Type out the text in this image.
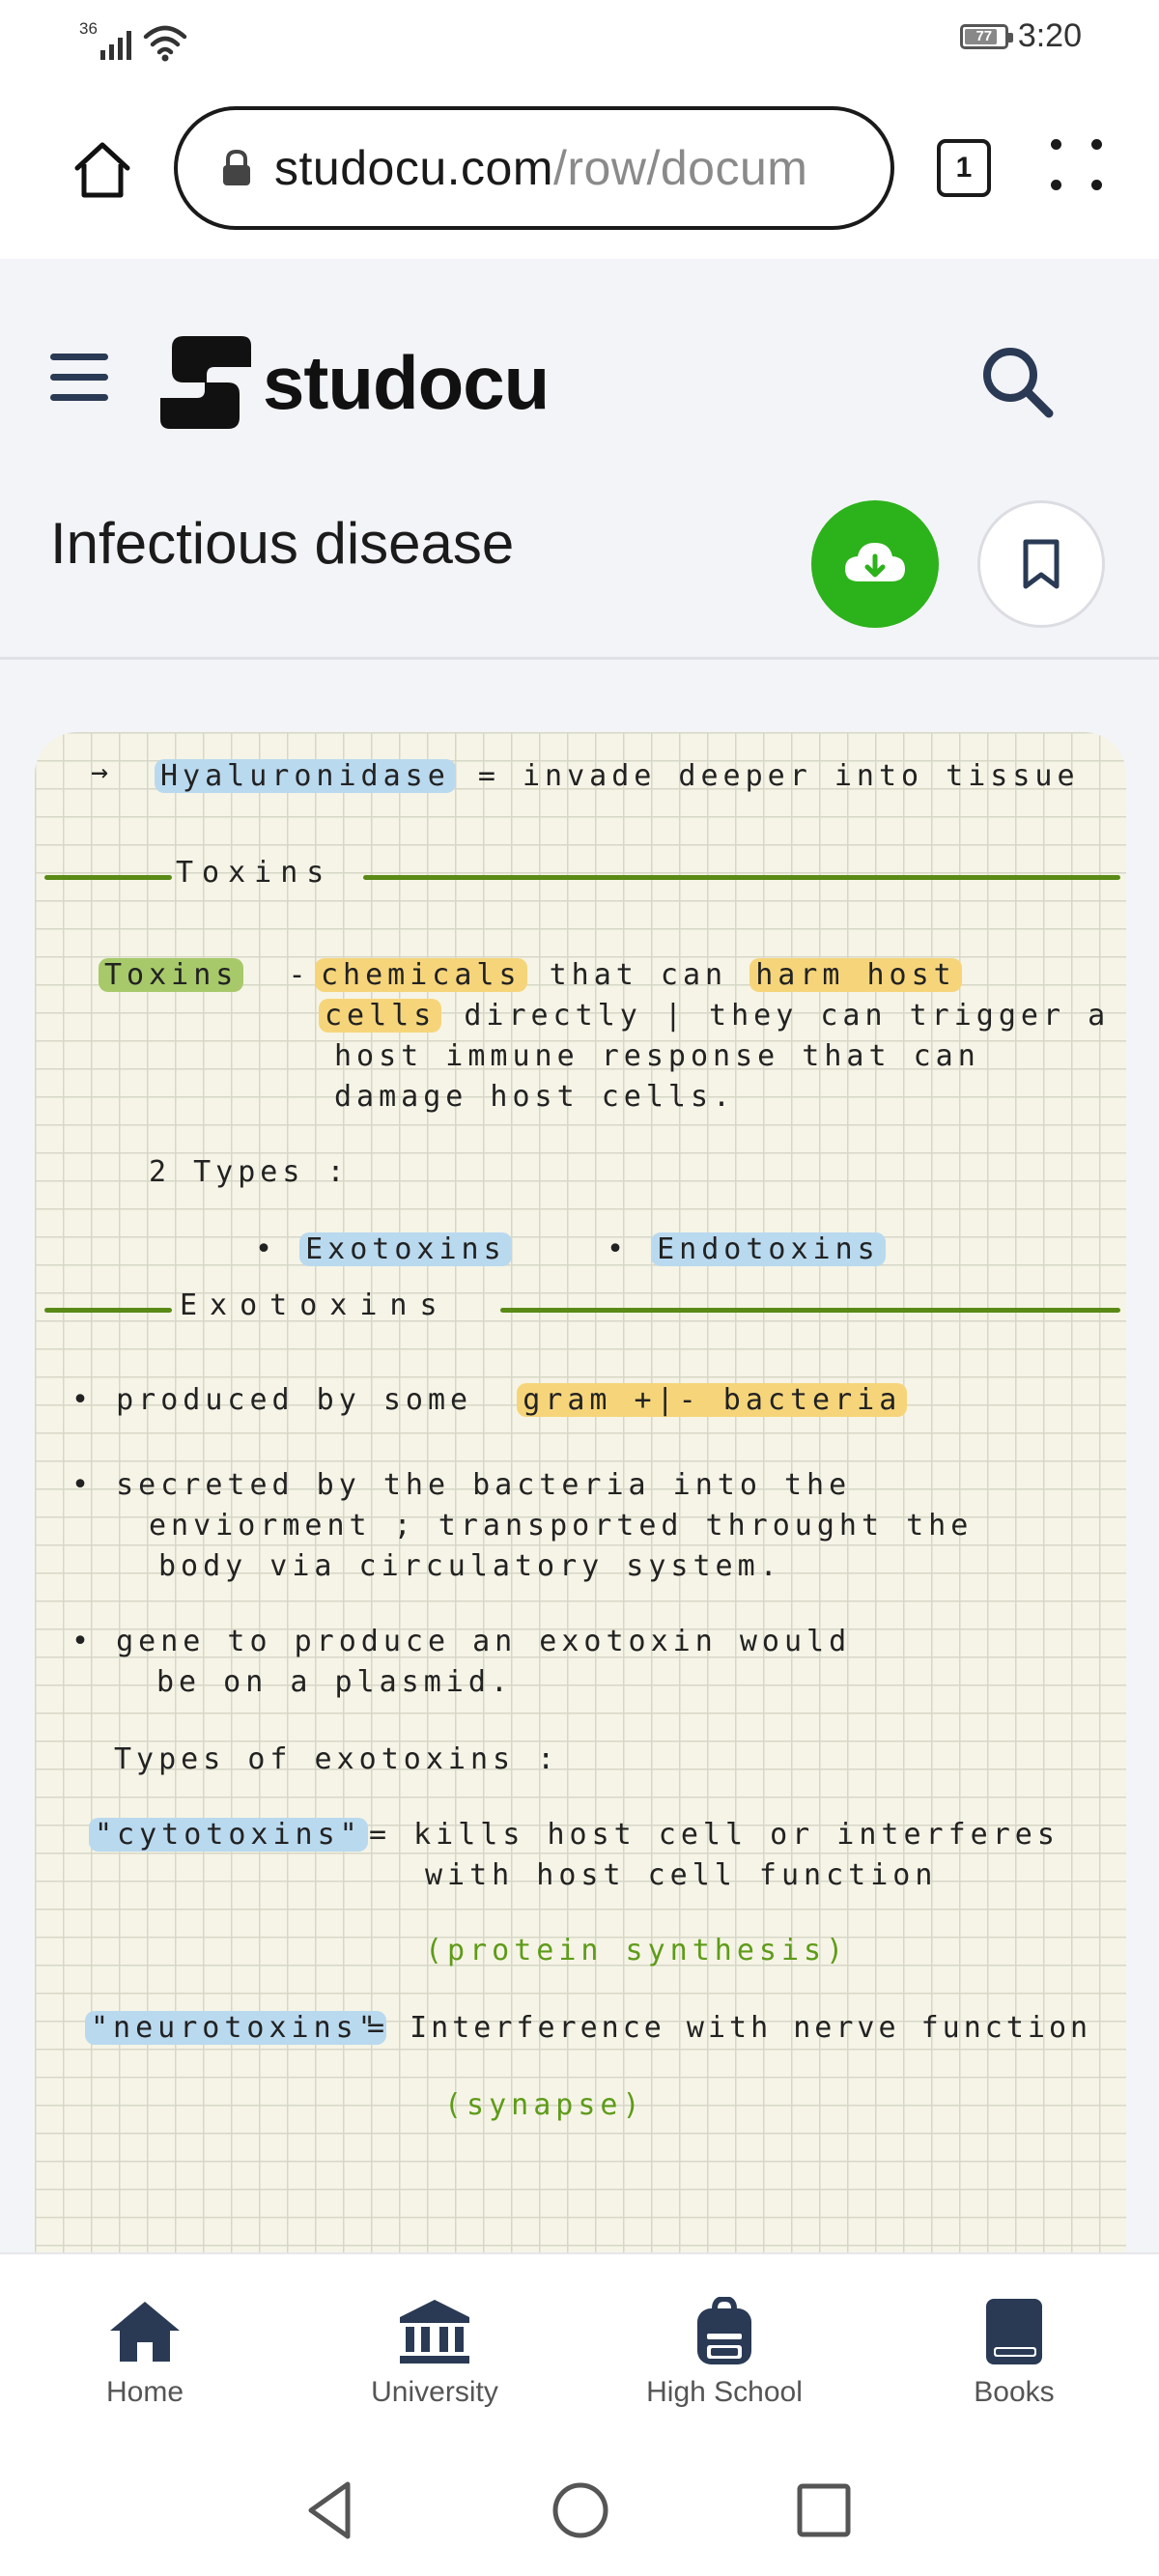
36	77 3:20
studocu.com/row/docum	1
studocu
Infectious disease
→ Hyaluronidase = invade deeper into tissue
Toxins
Toxins - chemicals that can harm host
cells directly | they can trigger a
host immune response that can
damage host cells.
2 Types :
• Exotoxins	• Endotoxins
Exotoxins
• produced by some gram +|- bacteria
• secreted by the bacteria into the
enviorment ; transported throught the
body via circulatory system.
• gene to produce an exotoxin would
be on a plasmid.
Types of exotoxins :
"cytotoxins" = kills host cell or interferes
with host cell function
(protein synthesis)
"neurotoxins"
= Interference with nerve function
(synapse)
Home	University	High School	Books
